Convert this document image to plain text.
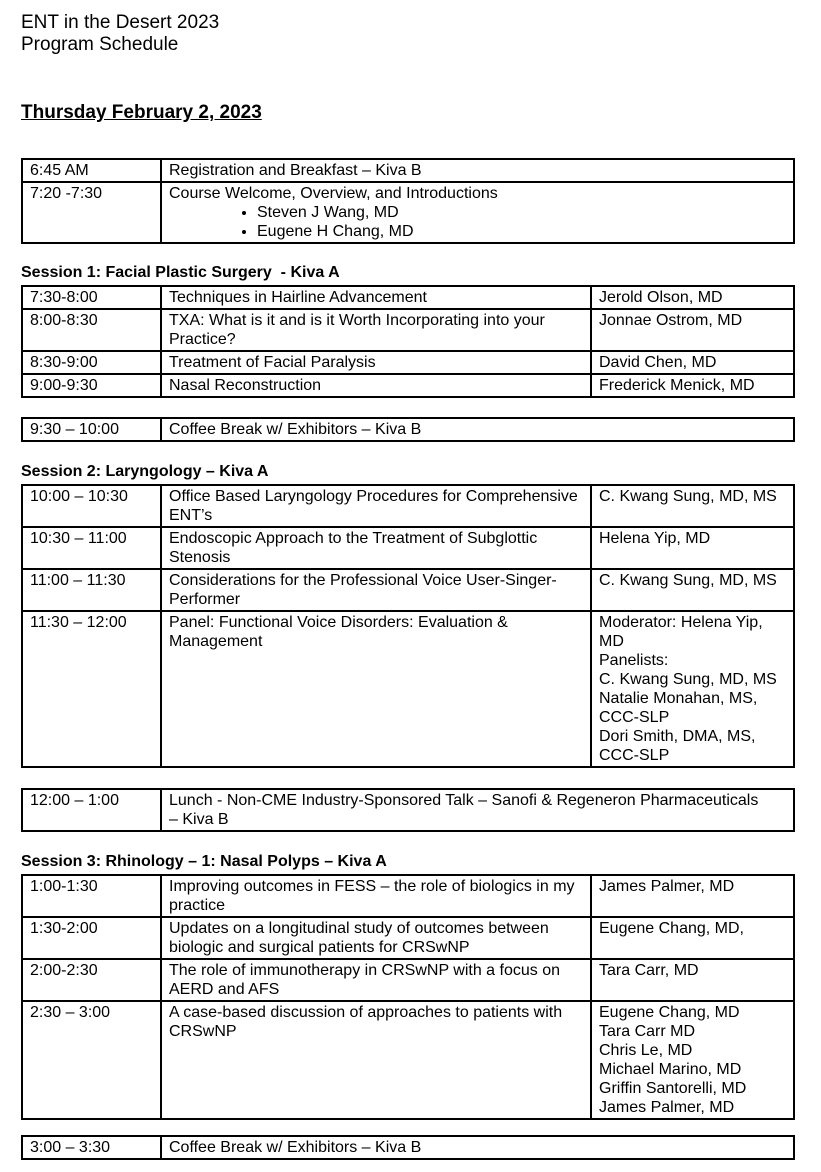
ENT in the Desert 2023
Program Schedule
Thursday February 2, 2023
6:45 AM	Registration and Breakfast – Kiva B
7:20 -7:30	Course Welcome, Overview, and Introductions
• Steven J Wang, MD
• Eugene H Chang, MD
Session 1: Facial Plastic Surgery  - Kiva A
7:30-8:00	Techniques in Hairline Advancement	Jerold Olson, MD
8:00-8:30	TXA: What is it and is it Worth Incorporating into your Practice?	Jonnae Ostrom, MD
8:30-9:00	Treatment of Facial Paralysis	David Chen, MD
9:00-9:30	Nasal Reconstruction	Frederick Menick, MD
9:30 – 10:00	Coffee Break w/ Exhibitors – Kiva B
Session 2: Laryngology – Kiva A
10:00 – 10:30	Office Based Laryngology Procedures for Comprehensive ENT’s	C. Kwang Sung, MD, MS
10:30 – 11:00	Endoscopic Approach to the Treatment of Subglottic Stenosis	Helena Yip, MD
11:00 – 11:30	Considerations for the Professional Voice User-Singer-Performer	C. Kwang Sung, MD, MS
11:30 – 12:00	Panel: Functional Voice Disorders: Evaluation & Management	Moderator: Helena Yip, MD
Panelists:
C. Kwang Sung, MD, MS
Natalie Monahan, MS, CCC-SLP
Dori Smith, DMA, MS, CCC-SLP
12:00 – 1:00	Lunch - Non-CME Industry-Sponsored Talk – Sanofi & Regeneron Pharmaceuticals – Kiva B
Session 3: Rhinology – 1: Nasal Polyps – Kiva A
1:00-1:30	Improving outcomes in FESS – the role of biologics in my practice	James Palmer, MD
1:30-2:00	Updates on a longitudinal study of outcomes between biologic and surgical patients for CRSwNP	Eugene Chang, MD,
2:00-2:30	The role of immunotherapy in CRSwNP with a focus on AERD and AFS	Tara Carr, MD
2:30 – 3:00	A case-based discussion of approaches to patients with CRSwNP	
Eugene Chang, MD
Tara Carr MD
Chris Le, MD
Michael Marino, MD
Griffin Santorelli, MD
James Palmer, MD
3:00 – 3:30	Coffee Break w/ Exhibitors – Kiva B
